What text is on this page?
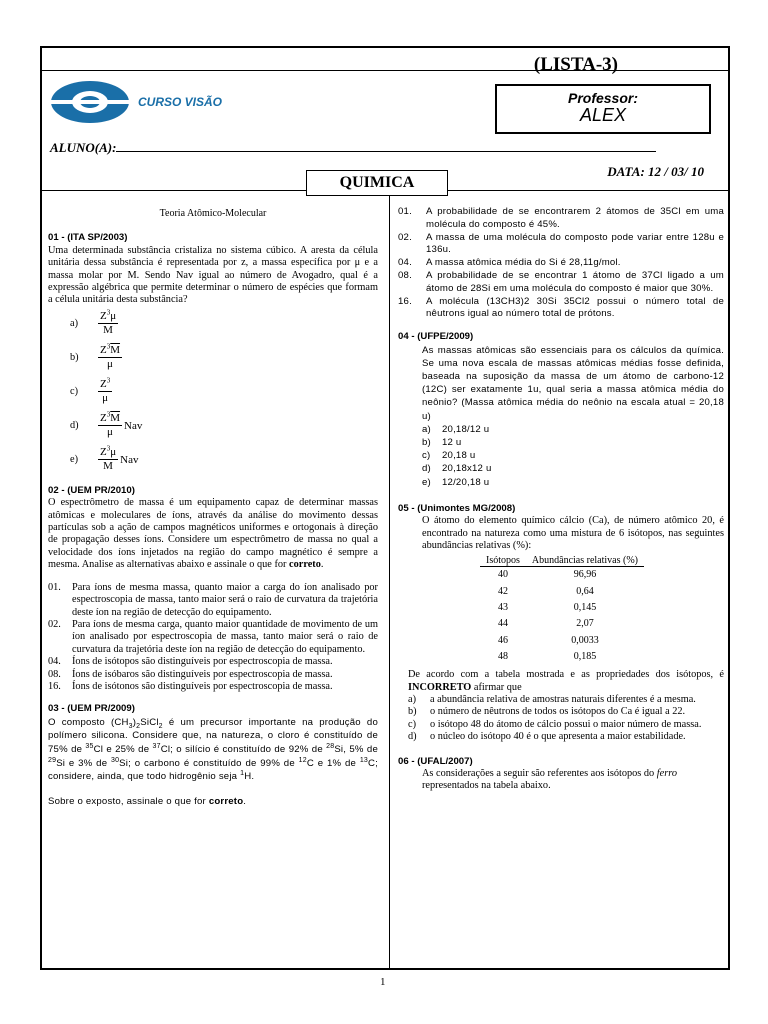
(LISTA-3)
CURSO VISÃO	Professor:
ALEX
ALUNO(A):
DATA: 12 / 03/ 10
QUIMICA
Teoria Atômico-Molecular
01 - (ITA SP/2003)
Uma determinada substância cristaliza no sistema cúbico. A aresta da célula unitária dessa substância é representada por z, a massa específica por μ e a massa molar por M. Sendo Nav igual ao número de Avogadro, qual é a expressão algébrica que permite determinar o número de espécies que formam a célula unitária desta substância?
a)	$\frac{Z^3\mu}{M}$
b)	$\frac{Z^3\overline{M}}{\mu}$
c)	$\frac{Z^3}{\mu}$
d)	$\frac{Z^3\overline{M}}{\mu}$ Nav
e)	$\frac{Z^3\mu}{M}$ Nav
02 - (UEM PR/2010)
O espectrômetro de massa é um equipamento capaz de determinar massas atômicas e moleculares de íons, através da análise do movimento dessas partículas sob a ação de campos magnéticos uniformes e ortogonais à direção de propagação desses íons. Considere um espectrômetro de massa no qual a velocidade dos íons injetados na região do campo magnético é sempre a mesma. Analise as alternativas abaixo e assinale o que for correto.
01.	Para íons de mesma massa, quanto maior a carga do íon analisado por espectroscopia de massa, tanto maior será o raio de curvatura da trajetória deste íon na região de detecção do equipamento.
02.	Para íons de mesma carga, quanto maior quantidade de movimento de um íon analisado por espectroscopia de massa, tanto maior será o raio de curvatura da trajetória deste íon na região de detecção do equipamento.
04.	Íons de isótopos são distinguíveis por espectroscopia de massa.
08.	Íons de isóbaros são distinguíveis por espectroscopia de massa.
16.	Íons de isótonos são distinguíveis por espectroscopia de massa.
03 - (UEM PR/2009)
O composto $(CH_3)_2SiCl_2$ é um precursor importante na produção do polímero silicona. Considere que, na natureza, o cloro é constituído de 75% de $^{35}$Cl e 25% de $^{37}$Cl; o silício é constituído de 92% de $^{28}$Si, 5% de $^{29}$Si e 3% de $^{30}$Si; o carbono é constituído de 99% de $^{12}$C e 1% de $^{13}$C; considere, ainda, que todo hidrogênio seja $^1$H.
Sobre o exposto, assinale o que for correto.
01.	A probabilidade de se encontrarem 2 átomos de 35Cl em uma molécula do composto é 45%.
02.	A massa de uma molécula do composto pode variar entre 128u e 136u.
04.	A massa atômica média do Si é 28,11g/mol.
08.	A probabilidade de se encontrar 1 átomo de 37Cl ligado a um átomo de 28Si em uma molécula do composto é maior que 30%.
16.	A molécula (13CH3)2 30Si 35Cl2 possui o número total de nêutrons igual ao número total de prótons.
04 - (UFPE/2009)
As massas atômicas são essenciais para os cálculos da química. Se uma nova escala de massas atômicas médias fosse definida, baseada na suposição da massa de um átomo de carbono-12 (12C) ser exatamente 1u, qual seria a massa atômica média do neônio? (Massa atômica média do neônio na escala atual = 20,18 u)
a)	20,18/12 u
b)	12 u
c)	20,18 u
d)	20,18x12 u
e)	12/20,18 u
05 - (Unimontes MG/2008)
O átomo do elemento químico cálcio (Ca), de número atômico 20, é encontrado na natureza como uma mistura de 6 isótopos, nas seguintes abundâncias relativas (%):
Isótopos	Abundâncias relativas (%)
40	96,96
42	0,64
43	0,145
44	2,07
46	0,0033
48	0,185
De acordo com a tabela mostrada e as propriedades dos isótopos, é INCORRETO afirmar que
a)	a abundância relativa de amostras naturais diferentes é a mesma.
b)	o número de nêutrons de todos os isótopos do Ca é igual a 22.
c)	o isótopo 48 do átomo de cálcio possui o maior número de massa.
d)	o núcleo do isótopo 40 é o que apresenta a maior estabilidade.
06 - (UFAL/2007)
As considerações a seguir são referentes aos isótopos do ferro representados na tabela abaixo.
1
